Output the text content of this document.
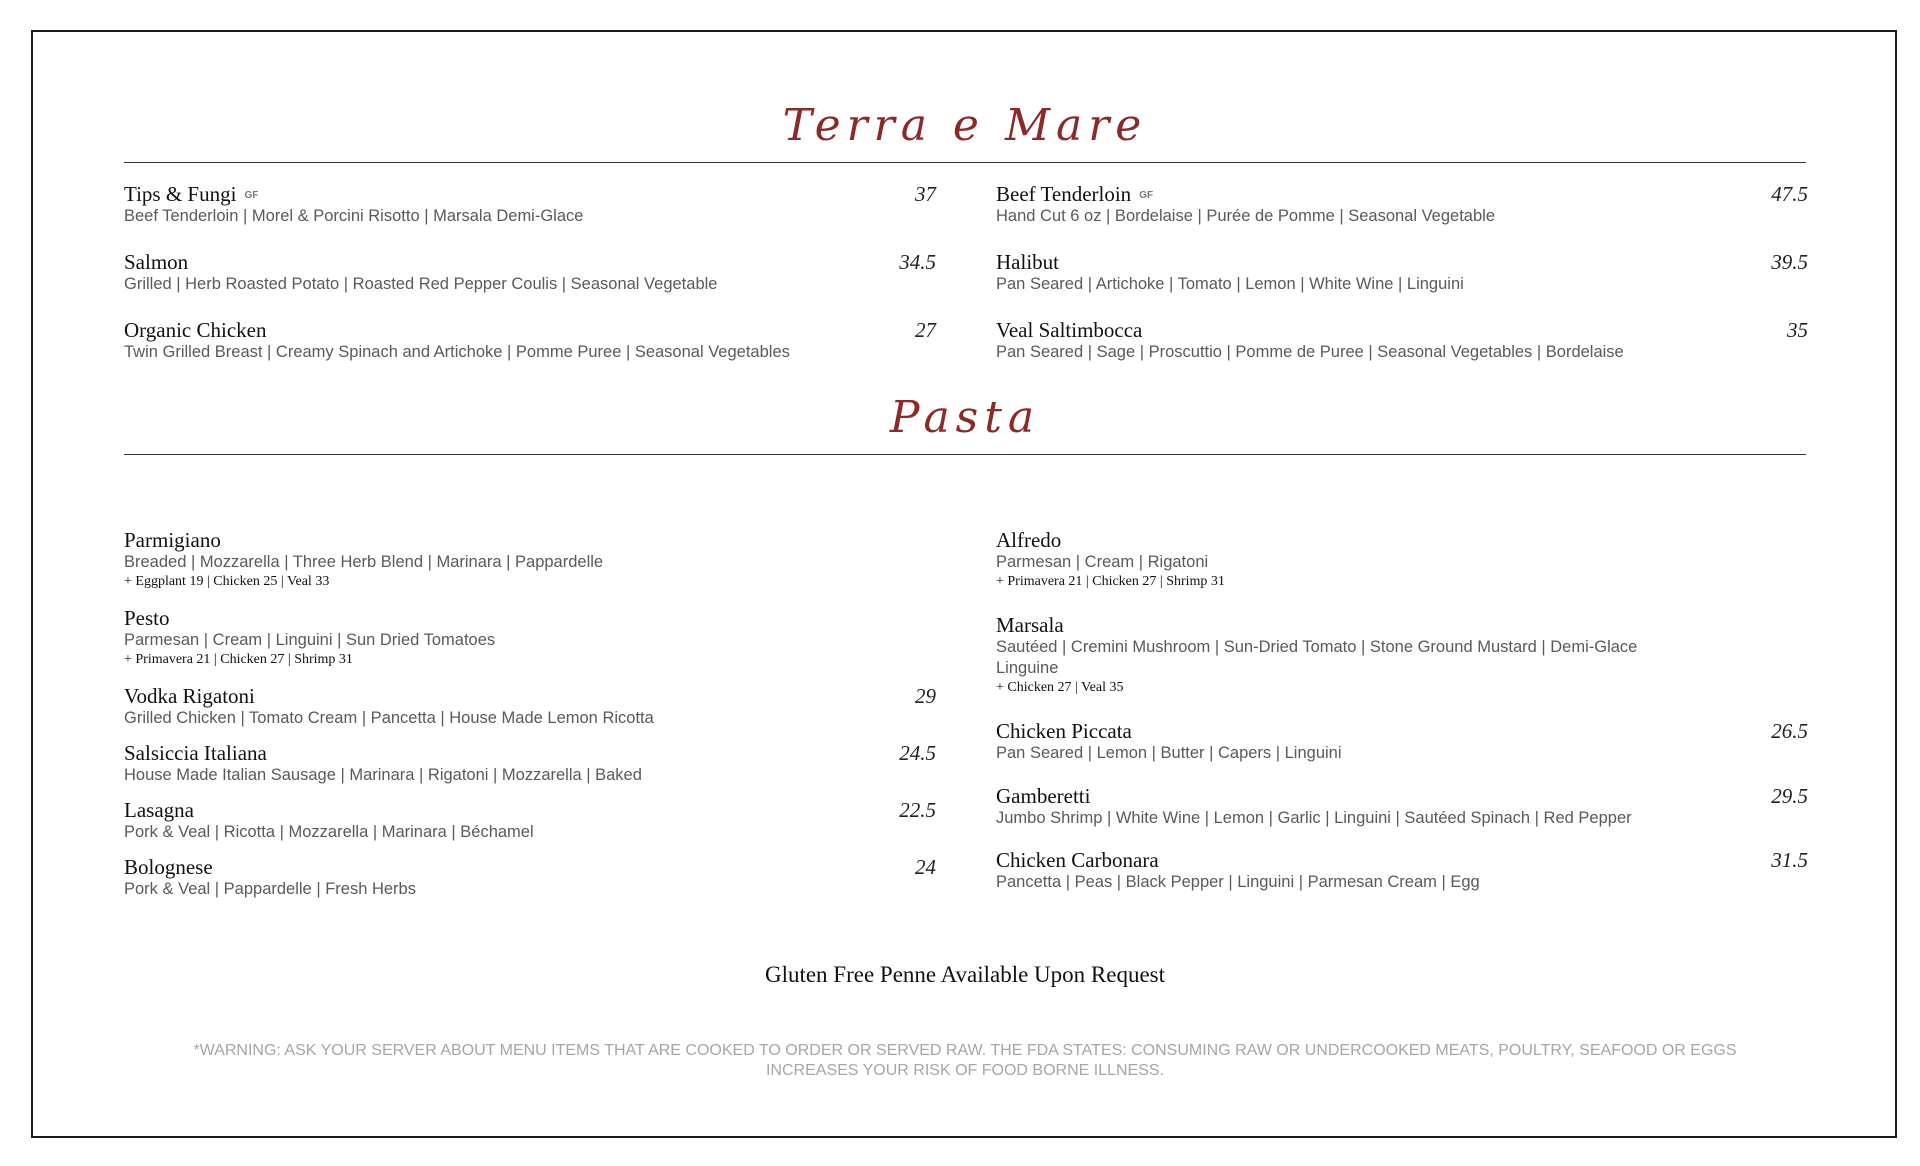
Terra e Mare
Tips & Fungi GF	37
Beef Tenderloin | Morel & Porcini Risotto | Marsala Demi-Glace
Salmon	34.5
Grilled | Herb Roasted Potato | Roasted Red Pepper Coulis | Seasonal Vegetable
Organic Chicken	27
Twin Grilled Breast | Creamy Spinach and Artichoke | Pomme Puree | Seasonal Vegetables
Beef Tenderloin GF	47.5
Hand Cut 6 oz | Bordelaise | Purée de Pomme | Seasonal Vegetable
Halibut	39.5
Pan Seared | Artichoke | Tomato | Lemon | White Wine | Linguini
Veal Saltimbocca	35
Pan Seared | Sage | Proscuttio | Pomme de Puree | Seasonal Vegetables | Bordelaise
Pasta
Parmigiano
Breaded | Mozzarella | Three Herb Blend | Marinara | Pappardelle
+ Eggplant 19 | Chicken 25 | Veal 33
Pesto
Parmesan | Cream | Linguini | Sun Dried Tomatoes
+ Primavera 21 | Chicken 27 | Shrimp 31
Vodka Rigatoni	29
Grilled Chicken | Tomato Cream | Pancetta | House Made Lemon Ricotta
Salsiccia Italiana	24.5
House Made Italian Sausage | Marinara | Rigatoni | Mozzarella | Baked
Lasagna	22.5
Pork & Veal | Ricotta | Mozzarella | Marinara | Béchamel
Bolognese	24
Pork & Veal | Pappardelle | Fresh Herbs
Alfredo
Parmesan | Cream | Rigatoni
+ Primavera 21 | Chicken 27 | Shrimp 31
Marsala
Sautéed | Cremini Mushroom | Sun-Dried Tomato | Stone Ground Mustard | Demi-Glace
Linguine
+ Chicken 27 | Veal 35
Chicken Piccata	26.5
Pan Seared | Lemon | Butter | Capers | Linguini
Gamberetti	29.5
Jumbo Shrimp | White Wine | Lemon | Garlic | Linguini | Sautéed Spinach | Red Pepper
Chicken Carbonara	31.5
Pancetta | Peas | Black Pepper | Linguini | Parmesan Cream | Egg
Gluten Free Penne Available Upon Request
*WARNING: ASK YOUR SERVER ABOUT MENU ITEMS THAT ARE COOKED TO ORDER OR SERVED RAW. THE FDA STATES: CONSUMING RAW OR UNDERCOOKED MEATS, POULTRY, SEAFOOD OR EGGS
INCREASES YOUR RISK OF FOOD BORNE ILLNESS.
